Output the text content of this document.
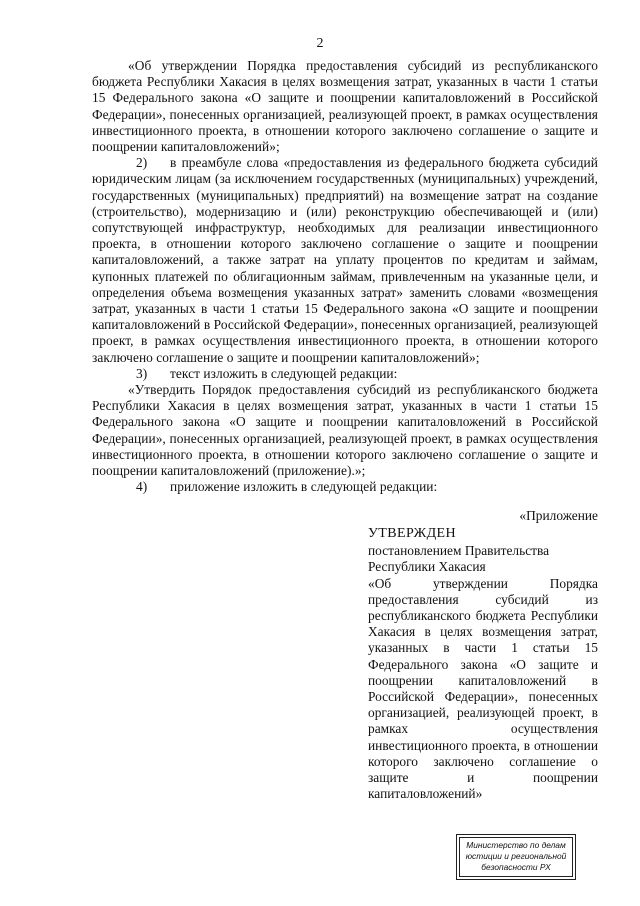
2

«Об утверждении Порядка предоставления субсидий из республиканского бюджета Республики Хакасия в целях возмещения затрат, указанных в части 1 статьи 15 Федерального закона «О защите и поощрении капиталовложений в Российской Федерации», понесенных организацией, реализующей проект, в рамках осуществления инвестиционного проекта, в отношении которого заключено соглашение о защите и поощрении капиталовложений»;

2) в преамбуле слова «предоставления из федерального бюджета субсидий юридическим лицам (за исключением государственных (муниципальных) учреждений, государственных (муниципальных) предприятий) на возмещение затрат на создание (строительство), модернизацию и (или) реконструкцию обеспечивающей и (или) сопутствующей инфраструктур, необходимых для реализации инвестиционного проекта, в отношении которого заключено соглашение о защите и поощрении капиталовложений, а также затрат на уплату процентов по кредитам и займам, купонных платежей по облигационным займам, привлеченным на указанные цели, и определения объема возмещения указанных затрат» заменить словами «возмещения затрат, указанных в части 1 статьи 15 Федерального закона «О защите и поощрении капиталовложений в Российской Федерации», понесенных организацией, реализующей проект, в рамках осуществления инвестиционного проекта, в отношении которого заключено соглашение о защите и поощрении капиталовложений»;

3) текст изложить в следующей редакции:

«Утвердить Порядок предоставления субсидий из республиканского бюджета Республики Хакасия в целях возмещения затрат, указанных в части 1 статьи 15 Федерального закона «О защите и поощрении капиталовложений в Российской Федерации», понесенных организацией, реализующей проект, в рамках осуществления инвестиционного проекта, в отношении которого заключено соглашение о защите и поощрении капиталовложений (приложение).»;

4) приложение изложить в следующей редакции:

«Приложение
УТВЕРЖДЕН
постановлением Правительства
Республики Хакасия
«Об утверждении Порядка предоставления субсидий из республиканского бюджета Республики Хакасия в целях возмещения затрат, указанных в части 1 статьи 15 Федерального закона «О защите и поощрении капиталовложений в Российской Федерации», понесенных организацией, реализующей проект, в рамках осуществления инвестиционного проекта, в отношении которого заключено соглашение о защите и поощрении капиталовложений»
Министерство по делам
юстиции и региональной
безопасности РХ
